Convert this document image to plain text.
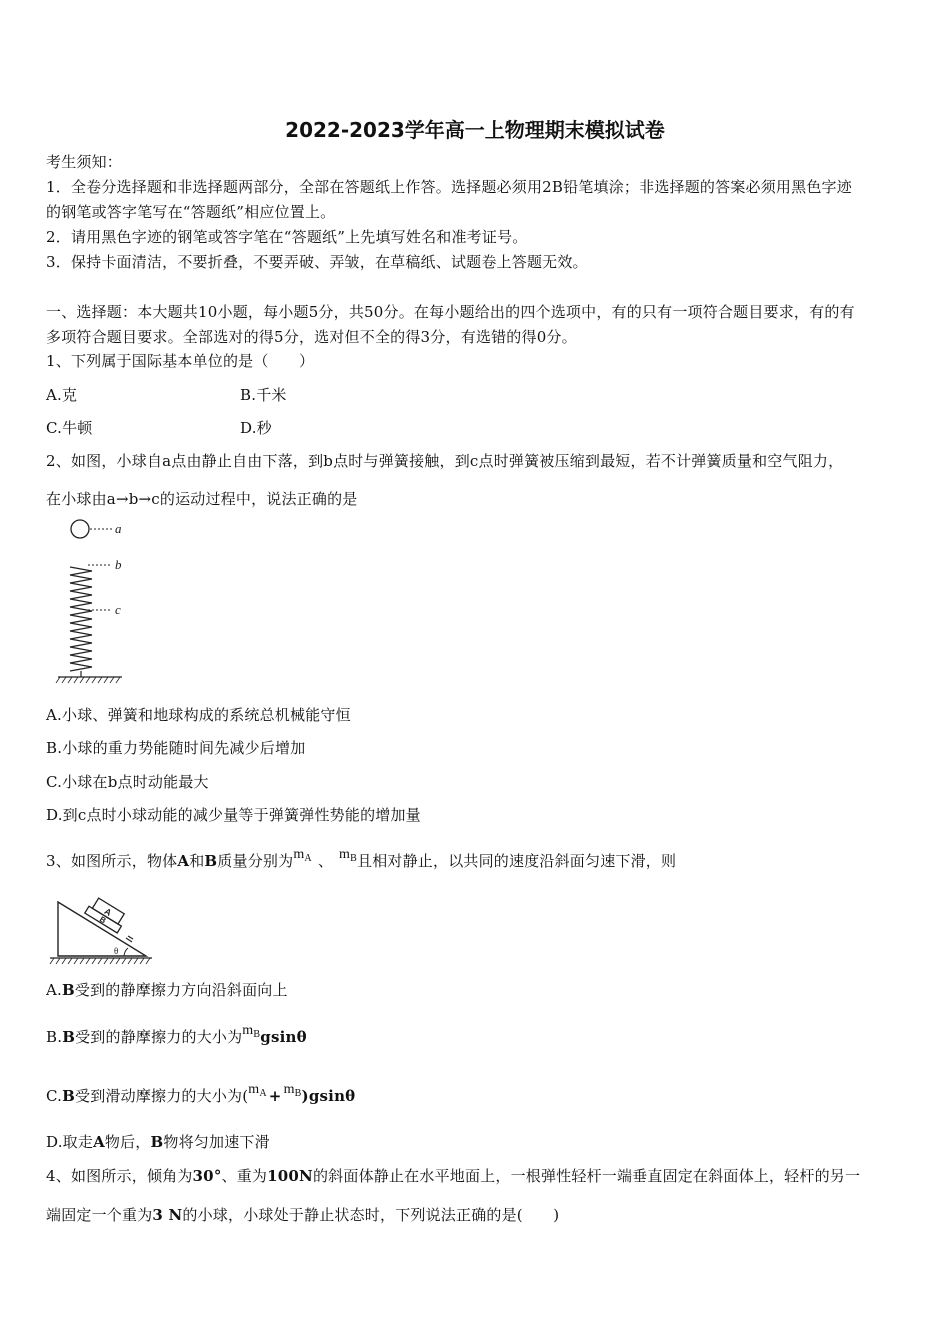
2022-2023学年高一上物理期末模拟试卷
考生须知：
1．全卷分选择题和非选择题两部分，全部在答题纸上作答。选择题必须用2B铅笔填涂；非选择题的答案必须用黑色字迹
的钢笔或答字笔写在“答题纸”相应位置上。
2．请用黑色字迹的钢笔或答字笔在“答题纸”上先填写姓名和准考证号。
3．保持卡面清洁，不要折叠，不要弄破、弄皱，在草稿纸、试题卷上答题无效。
一、选择题：本大题共10小题，每小题5分，共50分。在每小题给出的四个选项中，有的只有一项符合题目要求，有的有
多项符合题目要求。全部选对的得5分，选对但不全的得3分，有选错的得0分。
1、下列属于国际基本单位的是（　　）
A.克	B.千米
C.牛顿	D.秒
2、如图，小球自a点由静止自由下落，到b点时与弹簧接触，到c点时弹簧被压缩到最短，若不计弹簧质量和空气阻力，
在小球由a→b→c的运动过程中，说法正确的是
a
b
c
A.小球、弹簧和地球构成的系统总机械能守恒
B.小球的重力势能随时间先减少后增加
C.小球在b点时动能最大
D.到c点时小球动能的减少量等于弹簧弹性势能的增加量
3、如图所示，物体A和B质量分别为$m_A$ 、 $m_B$且相对静止，以共同的速度沿斜面匀速下滑，则
A
B
θ
A.B受到的静摩擦力方向沿斜面向上
B.B受到的静摩擦力的大小为$m_Bgsin\theta$
C.B受到滑动摩擦力的大小为$(m_A + m_B)gsin\theta$
D.取走A物后，B物将匀加速下滑
4、如图所示，倾角为30°、重为100N的斜面体静止在水平地面上，一根弹性轻杆一端垂直固定在斜面体上，轻杆的另一
端固定一个重为3 N的小球，小球处于静止状态时，下列说法正确的是(　　)
